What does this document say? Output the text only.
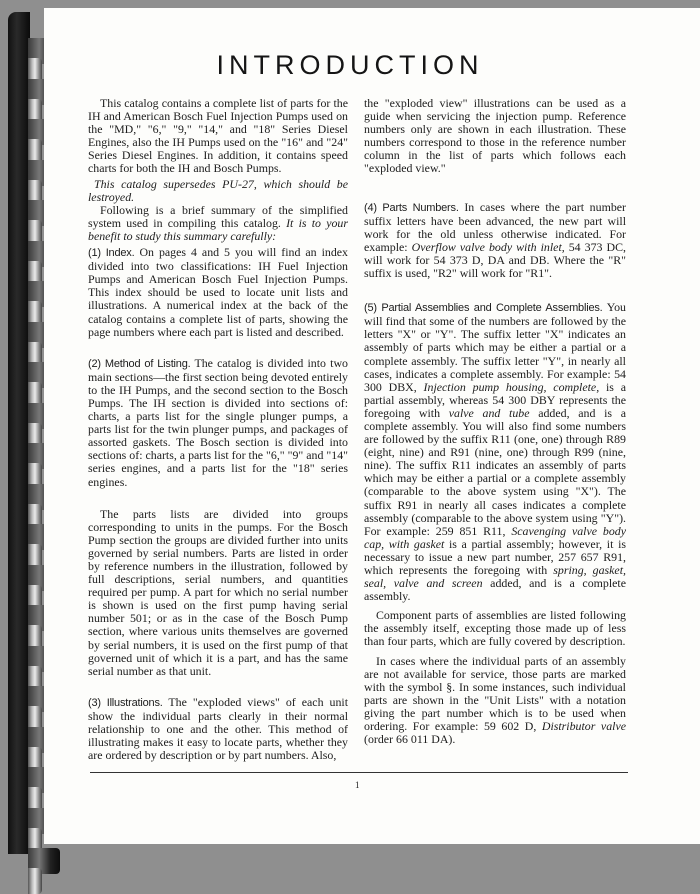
INTRODUCTION

This catalog contains a complete list of parts for the IH and American Bosch Fuel Injection Pumps used on the "MD," "6," "9," "14," and "18" Series Diesel Engines, also the IH Pumps used on the "16" and "24" Series Diesel Engines. In addition, it contains speed charts for both the IH and Bosch Pumps.

This catalog supersedes PU-27, which should be lestroyed.

Following is a brief summary of the simplified system used in compiling this catalog. It is to your benefit to study this summary carefully:

(1) Index. On pages 4 and 5 you will find an index divided into two classifications: IH Fuel Injection Pumps and American Bosch Fuel Injection Pumps. This index should be used to locate unit lists and illustrations. A numerical index at the back of the catalog contains a complete list of parts, showing the page numbers where each part is listed and described.

(2) Method of Listing. The catalog is divided into two main sections—the first section being devoted entirely to the IH Pumps, and the second section to the Bosch Pumps. The IH section is divided into sections of: charts, a parts list for the single plunger pumps, a parts list for the twin plunger pumps, and packages of assorted gaskets. The Bosch section is divided into sections of: charts, a parts list for the "6," "9" and "14" series engines, and a parts list for the "18" series engines.

The parts lists are divided into groups corresponding to units in the pumps. For the Bosch Pump section the groups are divided further into units governed by serial numbers. Parts are listed in order by reference numbers in the illustration, followed by full descriptions, serial numbers, and quantities required per pump. A part for which no serial number is shown is used on the first pump having serial number 501; or as in the case of the Bosch Pump section, where various units themselves are governed by serial numbers, it is used on the first pump of that governed unit of which it is a part, and has the same serial number as that unit.

(3) Illustrations. The "exploded views" of each unit show the individual parts clearly in their normal relationship to one and the other. This method of illustrating makes it easy to locate parts, whether they are ordered by description or by part numbers. Also,

the "exploded view" illustrations can be used as a guide when servicing the injection pump. Reference numbers only are shown in each illustration. These numbers correspond to those in the reference number column in the list of parts which follows each "exploded view."

(4) Parts Numbers. In cases where the part number suffix letters have been advanced, the new part will work for the old unless otherwise indicated. For example: Overflow valve body with inlet, 54 373 DC, will work for 54 373 D, DA and DB. Where the "R" suffix is used, "R2" will work for "R1".

(5) Partial Assemblies and Complete Assemblies. You will find that some of the numbers are followed by the letters "X" or "Y". The suffix letter "X" indicates an assembly of parts which may be either a partial or a complete assembly. The suffix letter "Y", in nearly all cases, indicates a complete assembly. For example: 54 300 DBX, Injection pump housing, complete, is a partial assembly, whereas 54 300 DBY represents the foregoing with valve and tube added, and is a complete assembly. You will also find some numbers are followed by the suffix R11 (one, one) through R89 (eight, nine) and R91 (nine, one) through R99 (nine, nine). The suffix R11 indicates an assembly of parts which may be either a partial or a complete assembly (comparable to the above system using "X"). The suffix R91 in nearly all cases indicates a complete assembly (comparable to the above system using "Y"). For example: 259 851 R11, Scavenging valve body cap, with gasket is a partial assembly; however, it is necessary to issue a new part number, 257 657 R91, which represents the foregoing with spring, gasket, seal, valve and screen added, and is a complete assembly.

Component parts of assemblies are listed following the assembly itself, excepting those made up of less than four parts, which are fully covered by description.

In cases where the individual parts of an assembly are not available for service, those parts are marked with the symbol §. In some instances, such individual parts are shown in the "Unit Lists" with a notation giving the part number which is to be used when ordering. For example: 59 602 D, Distributor valve (order 66 011 DA).

1
